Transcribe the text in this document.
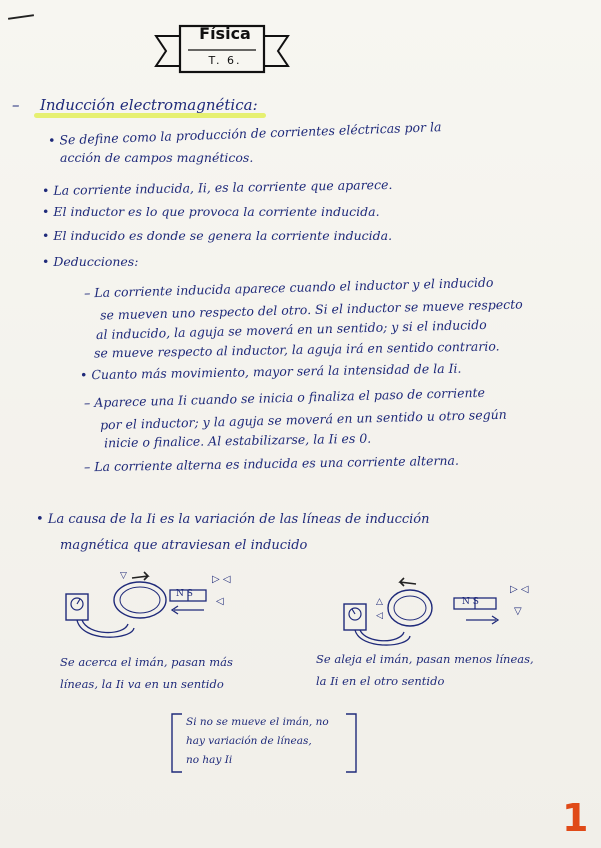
Física
T. 6.
– Inducción electromagnética:
• Se define como la producción de corrientes eléctricas por la
acción de campos magnéticos.
• La corriente inducida, Ii, es la corriente que aparece.
• El inductor es lo que provoca la corriente inducida.
• El inducido es donde se genera la corriente inducida.
• Deducciones:
– La corriente inducida aparece cuando el inductor y el inducido
se mueven uno respecto del otro. Si el inductor se mueve respecto
al inducido, la aguja se moverá en un sentido; y si el inducido
se mueve respecto al inductor, la aguja irá en sentido contrario.
• Cuanto más movimiento, mayor será la intensidad de la Ii.
– Aparece una Ii cuando se inicia o finaliza el paso de corriente
por el inductor; y la aguja se moverá en un sentido u otro según
inicie o finalice. Al estabilizarse, la Ii es 0.
– La corriente alterna es inducida es una corriente alterna.
• La causa de la Ii es la variación de las líneas de inducción
magnética que atraviesan el inducido
▷ ◁
◁
▽
N S
Se acerca el imán, pasan más
líneas, la Ii va en un sentido
▷ ◁
▽
△
◁
N S
Se aleja el imán, pasan menos líneas,
la Ii en el otro sentido
Si no se mueve el imán, no
hay variación de líneas,
no hay Ii
1
